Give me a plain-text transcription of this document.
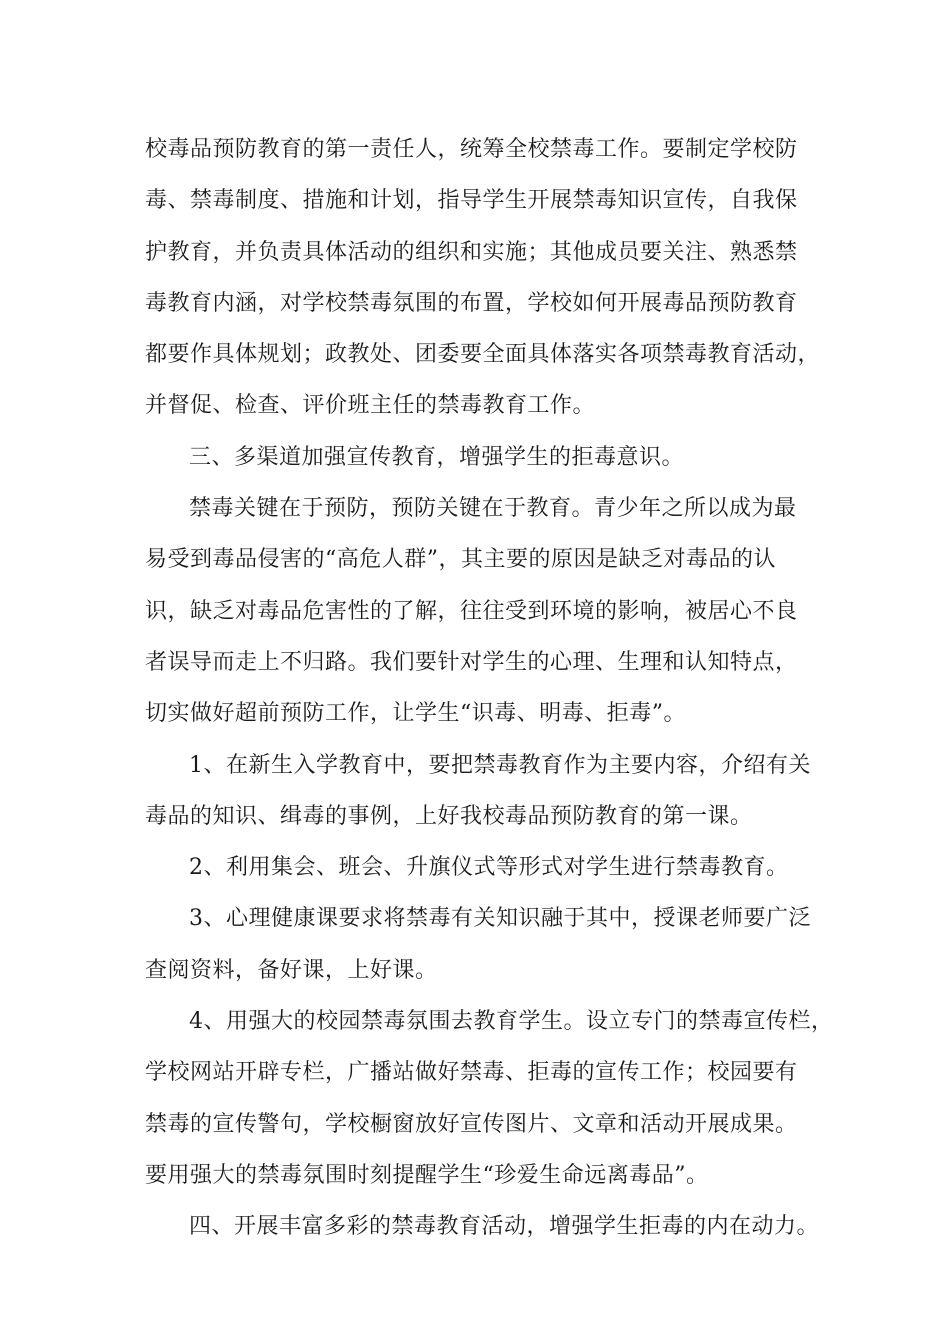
校毒品预防教育的第一责任人，统筹全校禁毒工作。要制定学校防
毒、禁毒制度、措施和计划，指导学生开展禁毒知识宣传，自我保
护教育，并负责具体活动的组织和实施；其他成员要关注、熟悉禁
毒教育内涵，对学校禁毒氛围的布置，学校如何开展毒品预防教育
都要作具体规划；政教处、团委要全面具体落实各项禁毒教育活动，
并督促、检查、评价班主任的禁毒教育工作。
三、多渠道加强宣传教育，增强学生的拒毒意识。
禁毒关键在于预防，预防关键在于教育。青少年之所以成为最
易受到毒品侵害的“高危人群”，其主要的原因是缺乏对毒品的认
识，缺乏对毒品危害性的了解，往往受到环境的影响，被居心不良
者误导而走上不归路。我们要针对学生的心理、生理和认知特点，
切实做好超前预防工作，让学生“识毒、明毒、拒毒”。
1、在新生入学教育中，要把禁毒教育作为主要内容，介绍有关
毒品的知识、缉毒的事例，上好我校毒品预防教育的第一课。
2、利用集会、班会、升旗仪式等形式对学生进行禁毒教育。
3、心理健康课要求将禁毒有关知识融于其中，授课老师要广泛
查阅资料，备好课，上好课。
4、用强大的校园禁毒氛围去教育学生。设立专门的禁毒宣传栏，
学校网站开辟专栏，广播站做好禁毒、拒毒的宣传工作；校园要有
禁毒的宣传警句，学校橱窗放好宣传图片、文章和活动开展成果。
要用强大的禁毒氛围时刻提醒学生“珍爱生命远离毒品”。
四、开展丰富多彩的禁毒教育活动，增强学生拒毒的内在动力。
